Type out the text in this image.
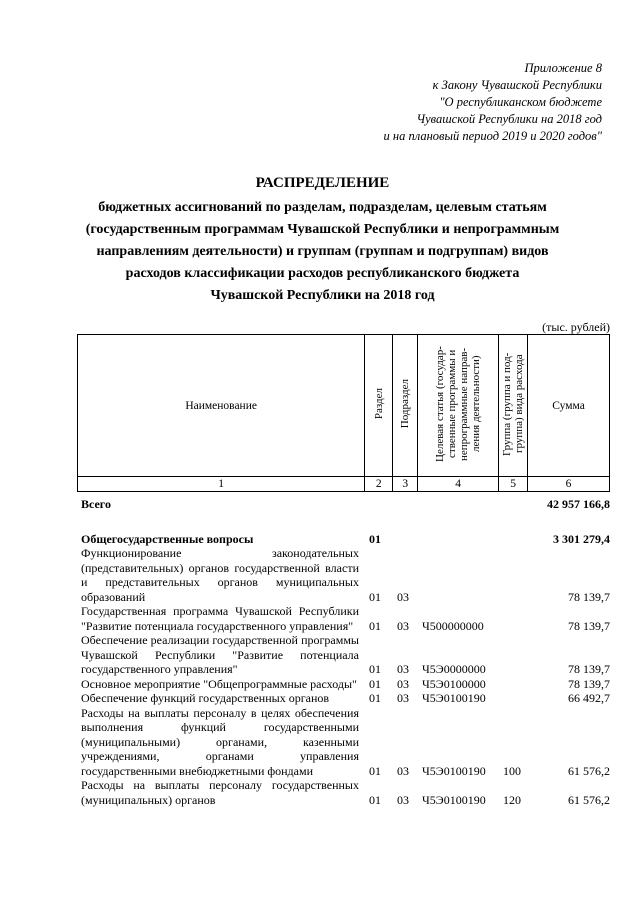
Приложение 8
к Закону Чувашской Республики
"О республиканском бюджете
Чувашской Республики на 2018 год
и на плановый период 2019 и 2020 годов"
РАСПРЕДЕЛЕНИЕ
бюджетных ассигнований по разделам, подразделам, целевым статьям
(государственным программам Чувашской Республики и непрограммным
направлениям деятельности) и группам (группам и подгруппам) видов
расходов классификации расходов республиканского бюджета
Чувашской Республики на 2018 год
(тыс. рублей)
Наименование	Раздел	Подраздел	Целевая статья (государ-ственные программы и непрограммные направ-ления деятельности)	Группа (группа и под-группа) вида расхода	Сумма
1	2	3	4	5	6
Всего	42 957 166,8
Общегосударственные вопросы	01	3 301 279,4
Функционирование законодательных (представительных) органов государственной власти и представительных органов муниципальных образований	01 03	78 139,7
Государственная программа Чувашской Республики "Развитие потенциала государственного управления"	01 03 Ч500000000	78 139,7
Обеспечение реализации государственной программы Чувашской Республики "Развитие потенциала государственного управления"	01 03 Ч5Э0000000	78 139,7
Основное мероприятие "Общепрограммные расходы" 01 03 Ч5Э0100000	78 139,7
Обеспечение функций государственных органов	01 03 Ч5Э0100190	66 492,7
Расходы на выплаты персоналу в целях обеспечения выполнения функций государственными (муниципальными) органами, казенными учреждениями, органами управления государственными внебюджетными фондами	01 03 Ч5Э0100190 100	61 576,2
Расходы на выплаты персоналу государственных (муниципальных) органов	01 03 Ч5Э0100190 120	61 576,2
